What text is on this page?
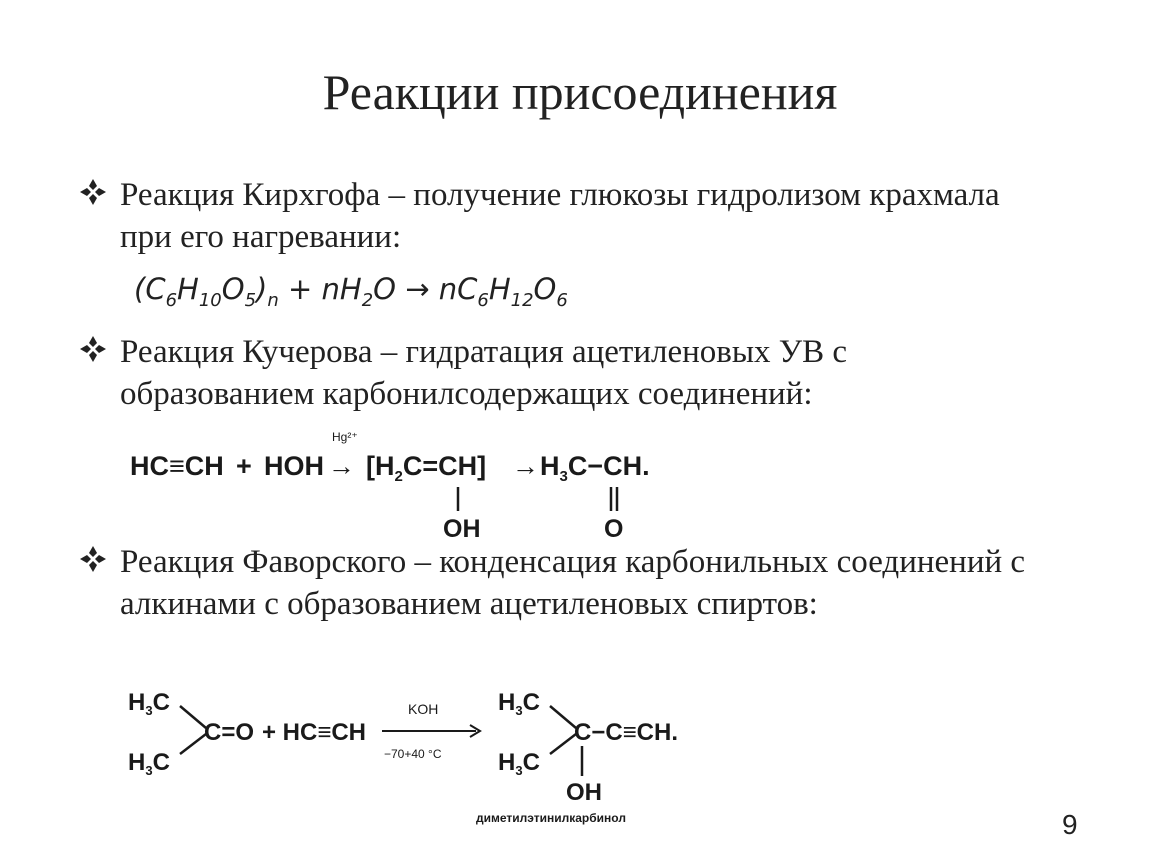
Реакции присоединения
Реакция Кирхгофа – получение глюкозы гидролизом крахмала при его нагревании:
$(C_6H_{10}O_5)_n + nH_2O \to nC_6H_{12}O_6$
Реакция Кучерова – гидратация ацетиленовых УВ с образованием карбонилсодержащих соединений:
HC≡CH + HOH
Hg²⁺
→ $[H_2C=CH]$
OH
→ $H_3C-CH$.
O
Реакция Фаворского – конденсация карбонильных соединений с алкинами с образованием ацетиленовых спиртов:
$H_3C$
$H_3C$
C=O + HC≡CH
KOH
−70+40 °C
$H_3C$
$H_3C$
C−C≡CH.
OH
диметилэтинилкарбинол	9
